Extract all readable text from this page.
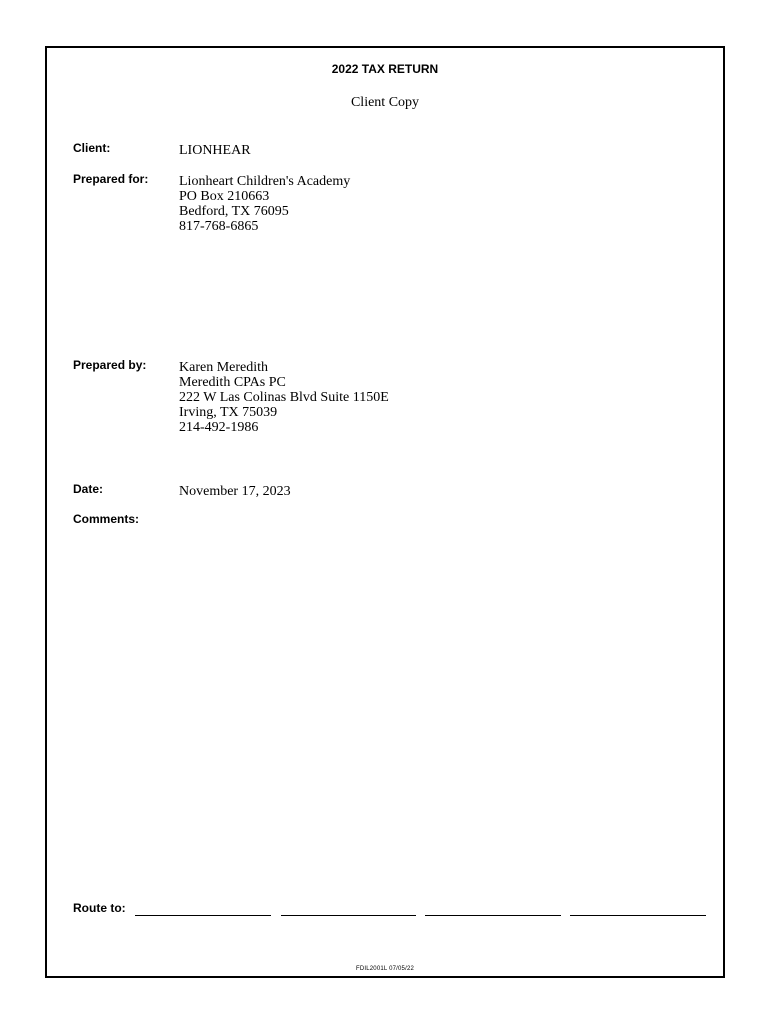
2022 TAX RETURN
Client Copy
Client:	LIONHEAR
Prepared for: Lionheart Children's Academy
PO Box 210663
Bedford, TX 76095
817-768-6865
Prepared by: Karen Meredith
Meredith CPAs PC
222 W Las Colinas Blvd Suite 1150E
Irving, TX 75039
214-492-1986
Date:	November 17, 2023
Comments:
Route to:
FDIL2001L 07/05/22
